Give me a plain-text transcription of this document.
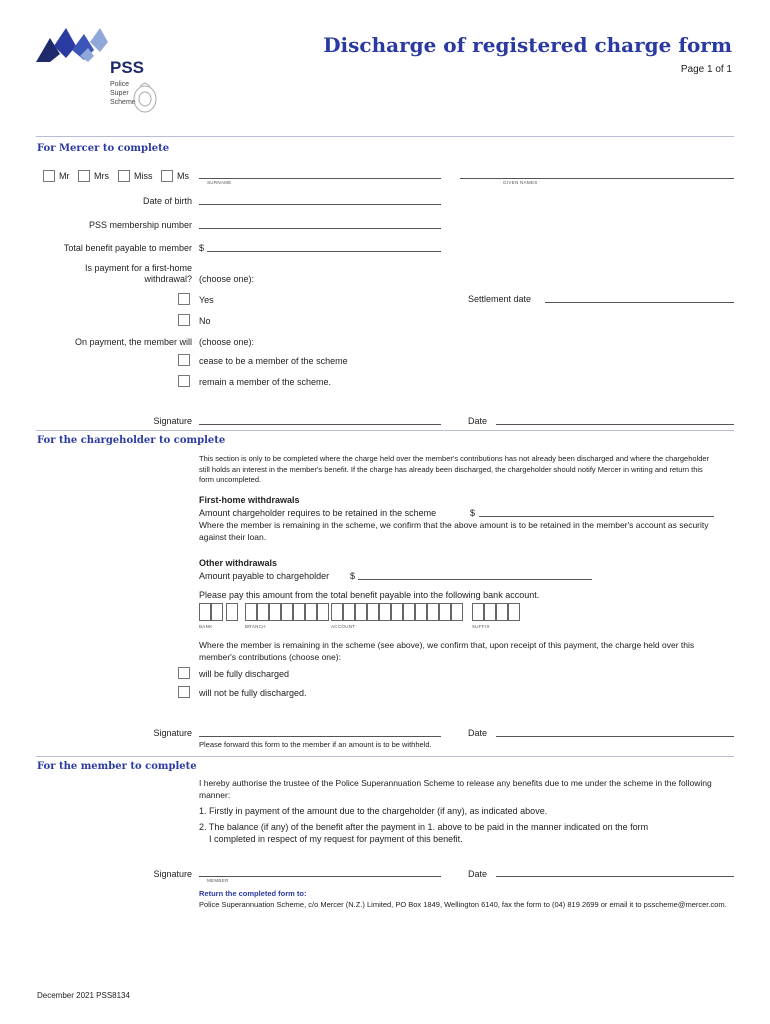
PSS
Police
Super
Scheme
Discharge of registered charge form
Page 1 of 1
For Mercer to complete
Mr	Mrs	Miss	Ms
SURNAME	GIVEN NAMES
Date of birth
PSS membership number
Total benefit payable to member $
Is payment for a first-home
withdrawal? (choose one):
Yes	Settlement date
No
On payment, the member will (choose one):
cease to be a member of the scheme
remain a member of the scheme.
Signature	Date
For the chargeholder to complete
This section is only to be completed where the charge held over the member's contributions has not already been discharged and where the chargeholder still holds an interest in the member's benefit. If the charge has already been discharged, the chargeholder should notify Mercer in writing and return this form uncompleted.
First-home withdrawals
Amount chargeholder requires to be retained in the scheme	$
Where the member is remaining in the scheme, we confirm that the above amount is to be retained in the member's account as security against their loan.
Other withdrawals
Amount payable to chargeholder $
Please pay this amount from the total benefit payable into the following bank account.
BANK	BRANCH	ACCOUNT	SUFFIX
Where the member is remaining in the scheme (see above), we confirm that, upon receipt of this payment, the charge held over this member's contributions (choose one):
will be fully discharged
will not be fully discharged.
Signature	Date
Please forward this form to the member if an amount is to be withheld.
For the member to complete
I hereby authorise the trustee of the Police Superannuation Scheme to release any benefits due to me under the scheme in the following manner:
1. Firstly in payment of the amount due to the chargeholder (if any), as indicated above.
2. The balance (if any) of the benefit after the payment in 1. above to be paid in the manner indicated on the form
I completed in respect of my request for payment of this benefit.
Signature
MEMBER
Date
Return the completed form to:
Police Superannuation Scheme, c/o Mercer (N.Z.) Limited, PO Box 1849, Wellington 6140, fax the form to (04) 819 2699 or email it to psscheme@mercer.com.
December 2021 PSS8134
